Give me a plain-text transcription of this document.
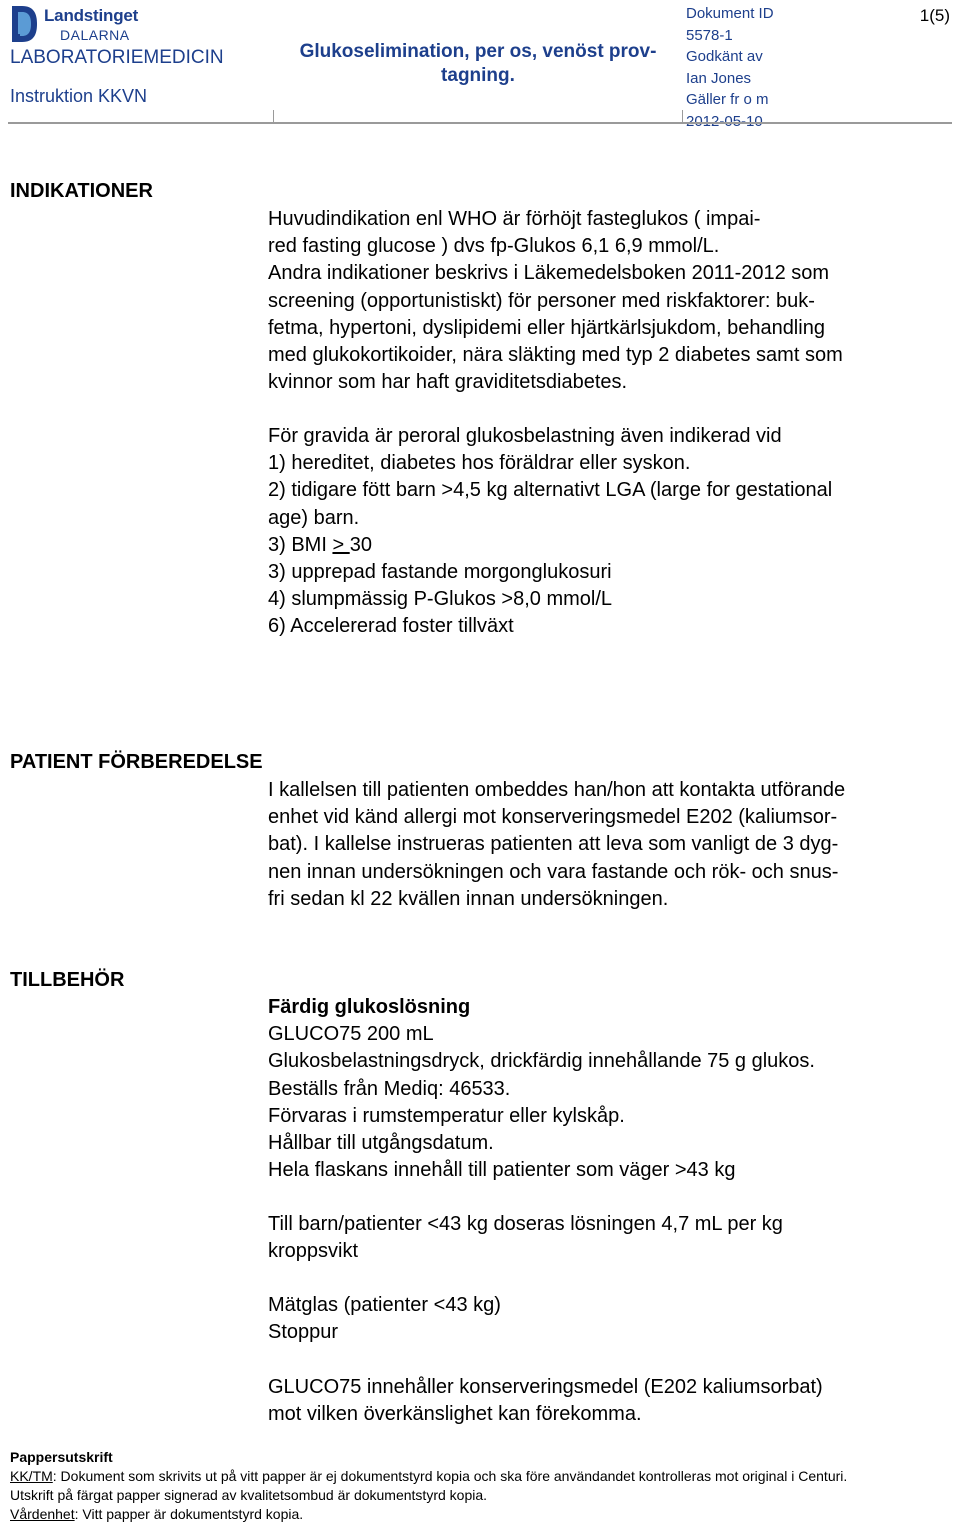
Landstinget
DALARNA
LABORATORIEMEDICIN
Instruktion KKVN
Glukoselimination, per os, venöst prov-
tagning.
Dokument ID
5578-1
Godkänt av
Ian Jones
Gäller fr o m
2012-05-10
1(5)
INDIKATIONER

Huvudindikation enl WHO är förhöjt fasteglukos ( impai-

red fasting glucose ) dvs fp-Glukos 6,1 6,9 mmol/L.

Andra indikationer beskrivs i Läkemedelsboken 2011-2012 som

screening (opportunistiskt) för personer med riskfaktorer: buk-

fetma, hypertoni, dyslipidemi eller hjärtkärlsjukdom, behandling

med glukokortikoider, nära släkting med typ 2 diabetes samt som

kvinnor som har haft graviditetsdiabetes.

För gravida är peroral glukosbelastning även indikerad vid

1) hereditet, diabetes hos föräldrar eller syskon.

2) tidigare fött barn >4,5 kg alternativt LGA (large for gestational

age) barn.

3) BMI > 30

3) upprepad fastande morgonglukosuri

4) slumpmässig P-Glukos >8,0 mmol/L

6) Accelererad foster tillväxt

PATIENT FÖRBEREDELSE

I kallelsen till patienten ombeddes han/hon att kontakta utförande

enhet vid känd allergi mot konserveringsmedel E202 (kaliumsor-

bat). I kallelse instrueras patienten att leva som vanligt de 3 dyg-

nen innan undersökningen och vara fastande och rök- och snus-

fri sedan kl 22 kvällen innan undersökningen.

TILLBEHÖR

Färdig glukoslösning

GLUCO75 200 mL

Glukosbelastningsdryck, drickfärdig innehållande 75 g glukos.

Beställs från Mediq: 46533.

Förvaras i rumstemperatur eller kylskåp.

Hållbar till utgångsdatum.

Hela flaskans innehåll till patienter som väger >43 kg

Till barn/patienter <43 kg doseras lösningen 4,7 mL per kg

kroppsvikt

Mätglas (patienter <43 kg)

Stoppur

GLUCO75 innehåller konserveringsmedel (E202 kaliumsorbat)

mot vilken överkänslighet kan förekomma.

Pappersutskrift

KK/TM: Dokument som skrivits ut på vitt papper är ej dokumentstyrd kopia och ska före användandet kontrolleras mot original i Centuri.

Utskrift på färgat papper signerad av kvalitetsombud är dokumentstyrd kopia.

Vårdenhet: Vitt papper är dokumentstyrd kopia.
